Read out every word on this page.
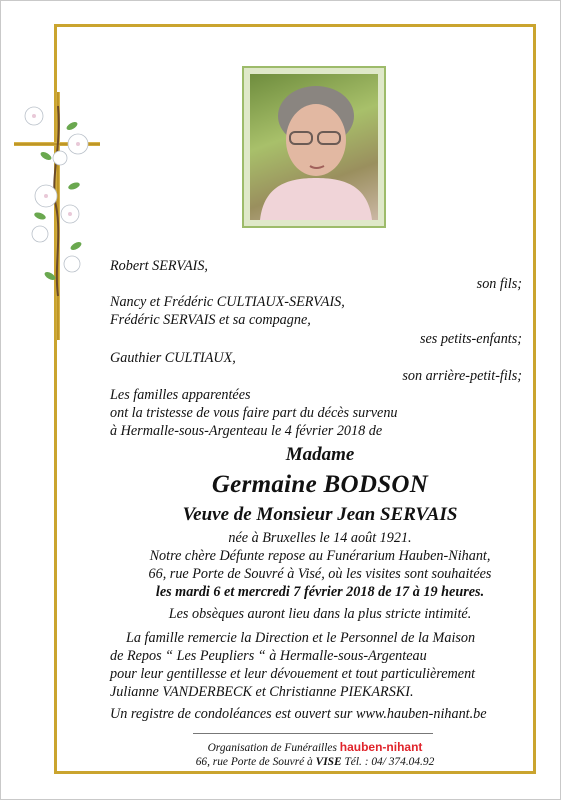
Robert SERVAIS,
son fils;
Nancy et Frédéric CULTIAUX-SERVAIS,
Frédéric SERVAIS et sa compagne,
ses petits-enfants;
Gauthier CULTIAUX,
son arrière-petit-fils;
Les familles apparentées
ont la tristesse de vous faire part du décès survenu
à Hermalle-sous-Argenteau le 4 février 2018 de
Madame
Germaine BODSON
Veuve de Monsieur Jean SERVAIS
née à Bruxelles le 14 août 1921.
Notre chère Défunte repose au Funérarium Hauben-Nihant,
66, rue Porte de Souvré à Visé, où les visites sont souhaitées
les mardi 6 et mercredi 7 février 2018 de 17 à 19 heures.
Les obsèques auront lieu dans la plus stricte intimité.
La famille remercie la Direction et le Personnel de la Maison
de Repos “ Les Peupliers “ à Hermalle-sous-Argenteau
pour leur gentillesse et leur dévouement et tout particulièrement
Julianne VANDERBECK et Christianne PIEKARSKI.
Un registre de condoléances est ouvert sur www.hauben-nihant.be
Organisation de Funérailles hauben-nihant
66, rue Porte de Souvré à VISE Tél. : 04/ 374.04.92
